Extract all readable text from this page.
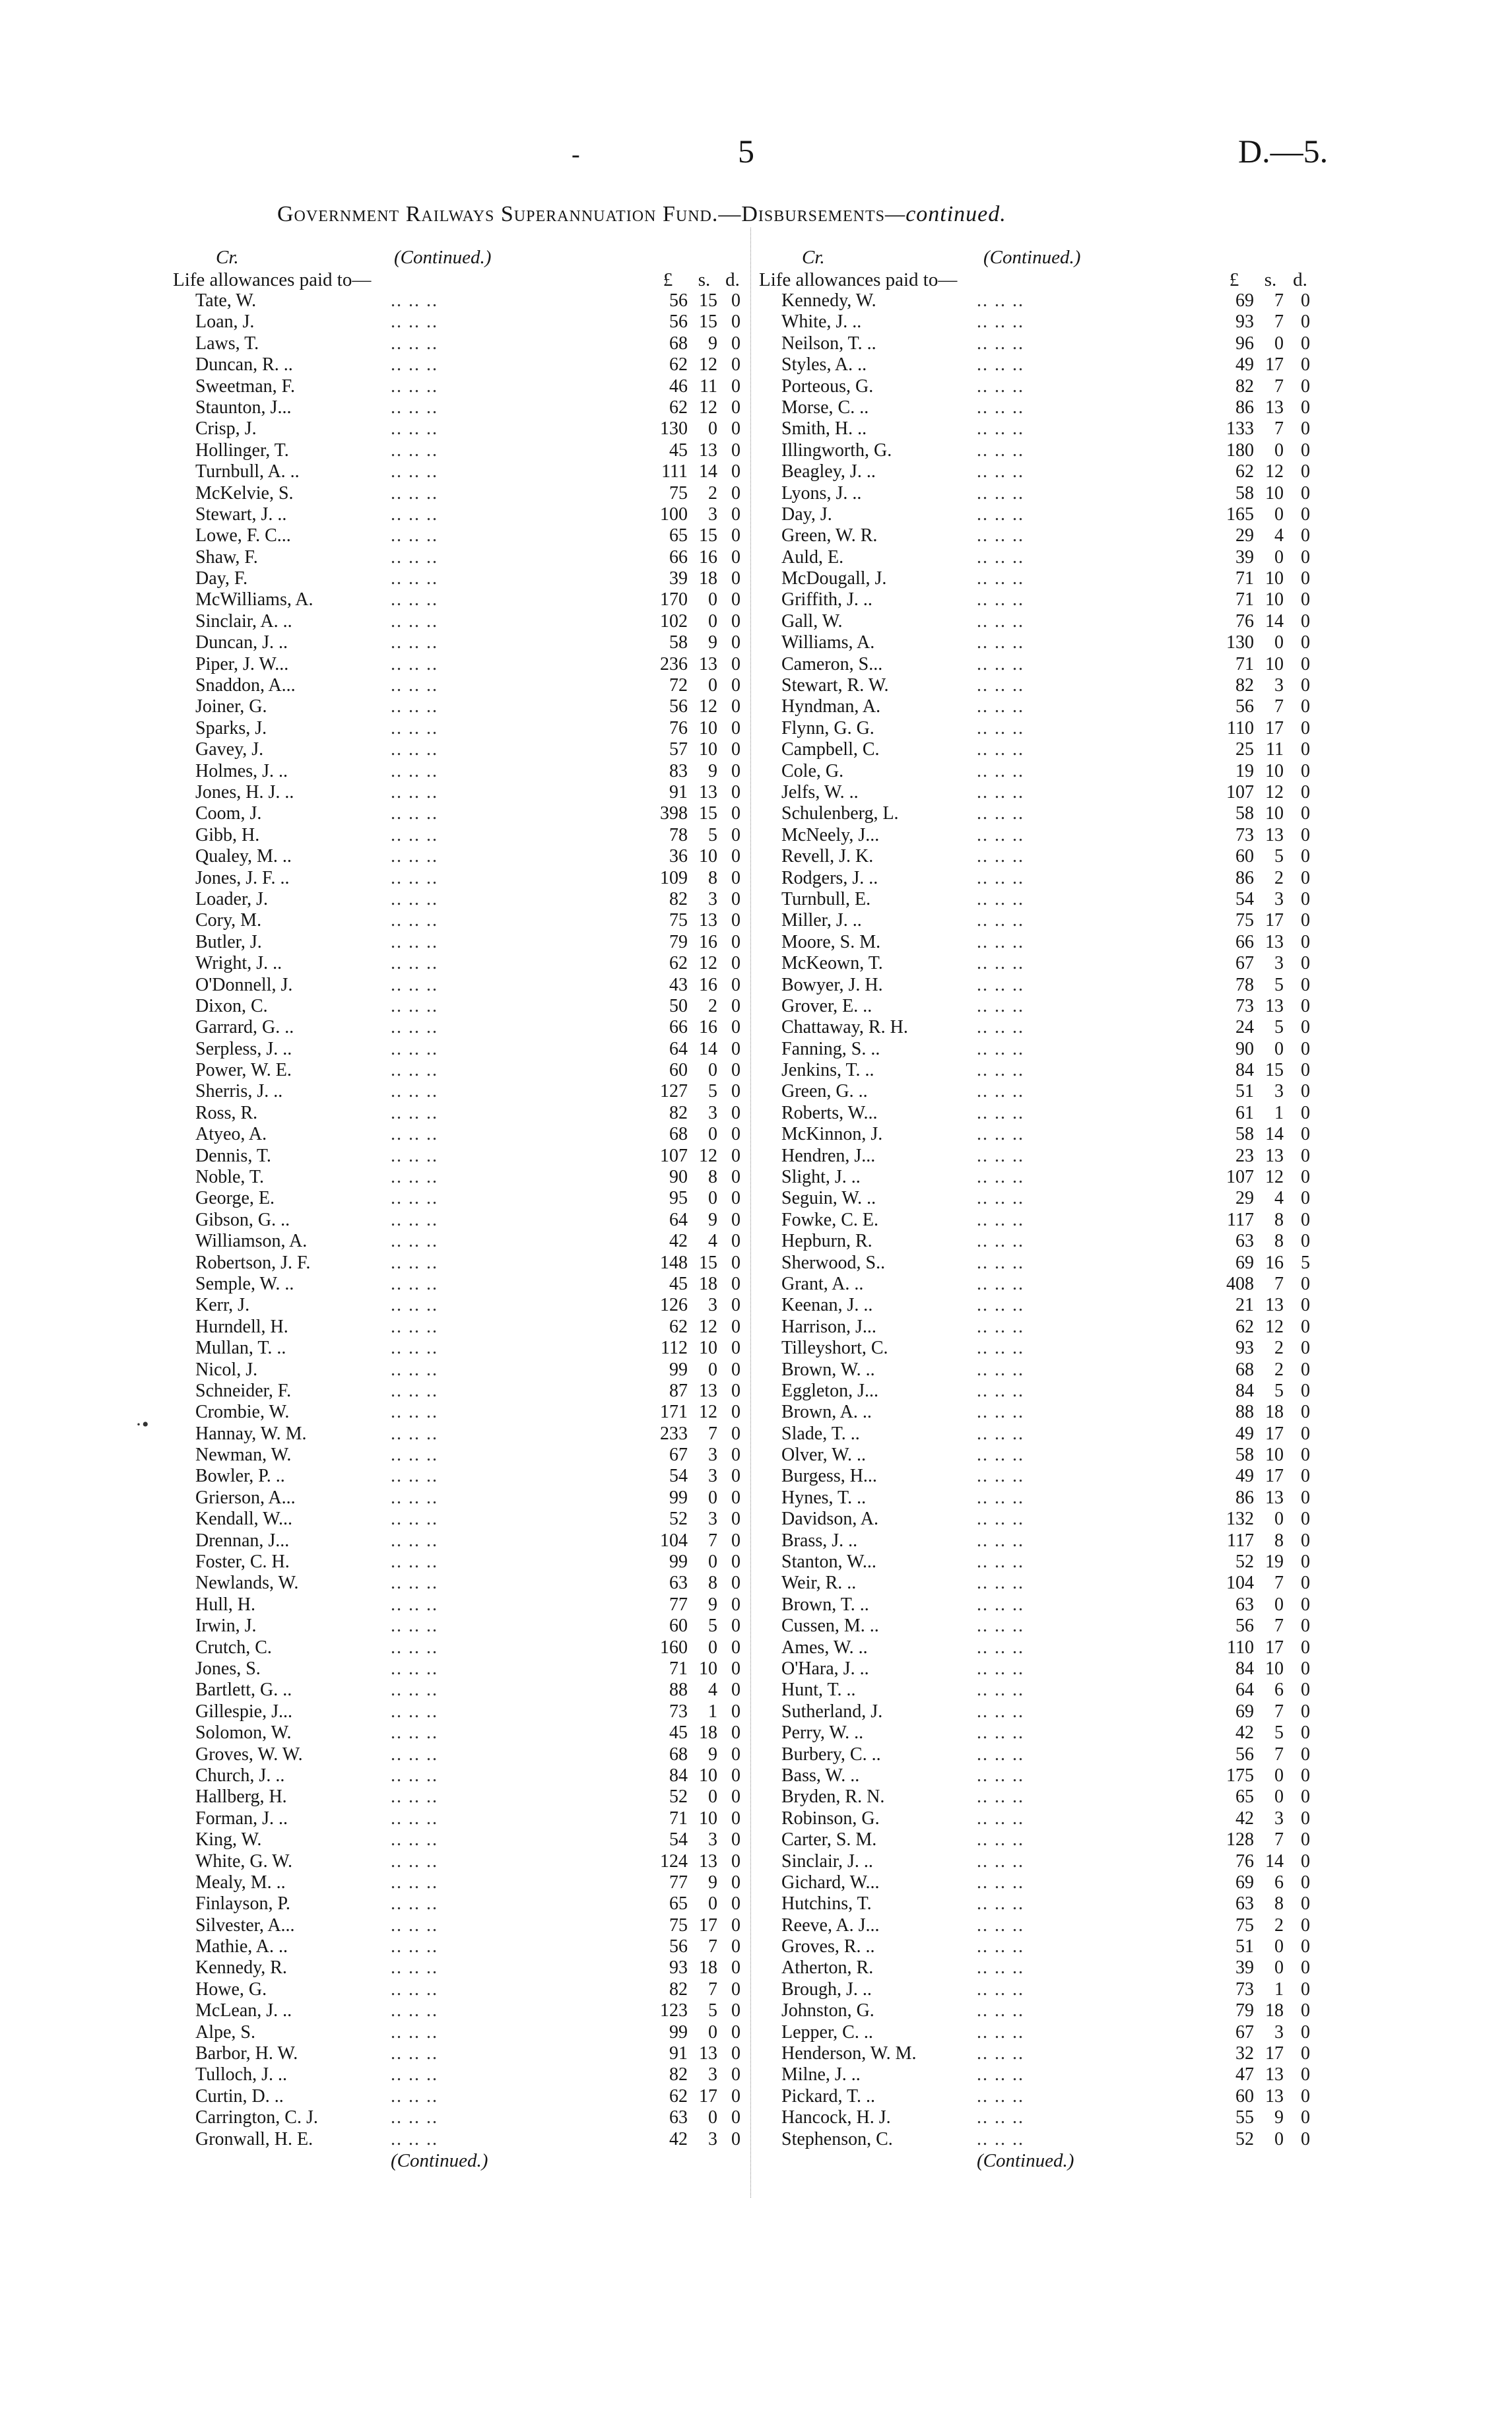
-	5	D.—5.
Government Railways Superannuation Fund.—Disbursements—continued.
·•
Cr.	(Continued.)
Life allowances paid to—	£	s. d.
Tate, W.	.. .. ..	56 15 0
Loan, J.	.. .. ..	56 15 0
Laws, T.	.. .. ..	68	9 0
Duncan, R. ..	.. .. ..	62 12 0
Sweetman, F.	.. .. ..	46 11 0
Staunton, J...	.. .. ..	62 12 0
Crisp, J.	.. .. ..	130	0 0
Hollinger, T.	.. .. ..	45 13 0
Turnbull, A. ..	.. .. ..	111 14 0
McKelvie, S.	.. .. ..	75	2 0
Stewart, J. ..	.. .. ..	100	3 0
Lowe, F. C...	.. .. ..	65 15 0
Shaw, F.	.. .. ..	66 16 0
Day, F.	.. .. ..	39 18 0
McWilliams, A.	.. .. ..	170	0 0
Sinclair, A. ..	.. .. ..	102	0 0
Duncan, J. ..	.. .. ..	58	9 0
Piper, J. W...	.. .. ..	236 13 0
Snaddon, A...	.. .. ..	72	0 0
Joiner, G.	.. .. ..	56 12 0
Sparks, J.	.. .. ..	76 10 0
Gavey, J.	.. .. ..	57 10 0
Holmes, J. ..	.. .. ..	83	9 0
Jones, H. J. ..	.. .. ..	91 13 0
Coom, J.	.. .. ..	398 15 0
Gibb, H.	.. .. ..	78	5 0
Qualey, M. ..	.. .. ..	36 10 0
Jones, J. F. ..	.. .. ..	109	8 0
Loader, J.	.. .. ..	82	3 0
Cory, M.	.. .. ..	75 13 0
Butler, J.	.. .. ..	79 16 0
Wright, J. ..	.. .. ..	62 12 0
O'Donnell, J.	.. .. ..	43 16 0
Dixon, C.	.. .. ..	50	2 0
Garrard, G. ..	.. .. ..	66 16 0
Serpless, J. ..	.. .. ..	64 14 0
Power, W. E.	.. .. ..	60	0 0
Sherris, J. ..	.. .. ..	127	5 0
Ross, R.	.. .. ..	82	3 0
Atyeo, A.	.. .. ..	68	0 0
Dennis, T.	.. .. ..	107 12 0
Noble, T.	.. .. ..	90	8 0
George, E.	.. .. ..	95	0 0
Gibson, G. ..	.. .. ..	64	9 0
Williamson, A.	.. .. ..	42	4 0
Robertson, J. F.	.. .. ..	148 15 0
Semple, W. ..	.. .. ..	45 18 0
Kerr, J.	.. .. ..	126	3 0
Hurndell, H.	.. .. ..	62 12 0
Mullan, T. ..	.. .. ..	112 10 0
Nicol, J.	.. .. ..	99	0 0
Schneider, F.	.. .. ..	87 13 0
Crombie, W.	.. .. ..	171 12 0
Hannay, W. M.	.. .. ..	233	7 0
Newman, W.	.. .. ..	67	3 0
Bowler, P. ..	.. .. ..	54	3 0
Grierson, A...	.. .. ..	99	0 0
Kendall, W...	.. .. ..	52	3 0
Drennan, J...	.. .. ..	104	7 0
Foster, C. H.	.. .. ..	99	0 0
Newlands, W.	.. .. ..	63	8 0
Hull, H.	.. .. ..	77	9 0
Irwin, J.	.. .. ..	60	5 0
Crutch, C.	.. .. ..	160	0 0
Jones, S.	.. .. ..	71 10 0
Bartlett, G. ..	.. .. ..	88	4 0
Gillespie, J...	.. .. ..	73	1 0
Solomon, W.	.. .. ..	45 18 0
Groves, W. W.	.. .. ..	68	9 0
Church, J. ..	.. .. ..	84 10 0
Hallberg, H.	.. .. ..	52	0 0
Forman, J. ..	.. .. ..	71 10 0
King, W.	.. .. ..	54	3 0
White, G. W.	.. .. ..	124 13 0
Mealy, M. ..	.. .. ..	77	9 0
Finlayson, P.	.. .. ..	65	0 0
Silvester, A...	.. .. ..	75 17 0
Mathie, A. ..	.. .. ..	56	7 0
Kennedy, R.	.. .. ..	93 18 0
Howe, G.	.. .. ..	82	7 0
McLean, J. ..	.. .. ..	123	5 0
Alpe, S.	.. .. ..	99	0 0
Barbor, H. W.	.. .. ..	91 13 0
Tulloch, J. ..	.. .. ..	82	3 0
Curtin, D. ..	.. .. ..	62 17 0
Carrington, C. J.	.. .. ..	63	0 0
Gronwall, H. E.	.. .. ..	42	3 0
(Continued.)
Cr.	(Continued.)
Life allowances paid to—	£	s. d.
Kennedy, W.	.. .. ..	69	7 0
White, J. ..	.. .. ..	93	7 0
Neilson, T. ..	.. .. ..	96	0 0
Styles, A. ..	.. .. ..	49 17 0
Porteous, G.	.. .. ..	82	7 0
Morse, C. ..	.. .. ..	86 13 0
Smith, H. ..	.. .. ..	133	7 0
Illingworth, G.	.. .. ..	180	0 0
Beagley, J. ..	.. .. ..	62 12 0
Lyons, J. ..	.. .. ..	58 10 0
Day, J.	.. .. ..	165	0 0
Green, W. R.	.. .. ..	29	4 0
Auld, E.	.. .. ..	39	0 0
McDougall, J.	.. .. ..	71 10 0
Griffith, J. ..	.. .. ..	71 10 0
Gall, W.	.. .. ..	76 14 0
Williams, A.	.. .. ..	130	0 0
Cameron, S...	.. .. ..	71 10 0
Stewart, R. W.	.. .. ..	82	3 0
Hyndman, A.	.. .. ..	56	7 0
Flynn, G. G.	.. .. ..	110 17 0
Campbell, C.	.. .. ..	25 11 0
Cole, G.	.. .. ..	19 10 0
Jelfs, W. ..	.. .. ..	107 12 0
Schulenberg, L.	.. .. ..	58 10 0
McNeely, J...	.. .. ..	73 13 0
Revell, J. K.	.. .. ..	60	5 0
Rodgers, J. ..	.. .. ..	86	2 0
Turnbull, E.	.. .. ..	54	3 0
Miller, J. ..	.. .. ..	75 17 0
Moore, S. M.	.. .. ..	66 13 0
McKeown, T.	.. .. ..	67	3 0
Bowyer, J. H.	.. .. ..	78	5 0
Grover, E. ..	.. .. ..	73 13 0
Chattaway, R. H.	.. .. ..	24	5 0
Fanning, S. ..	.. .. ..	90	0 0
Jenkins, T. ..	.. .. ..	84 15 0
Green, G. ..	.. .. ..	51	3 0
Roberts, W...	.. .. ..	61	1 0
McKinnon, J.	.. .. ..	58 14 0
Hendren, J...	.. .. ..	23 13 0
Slight, J. ..	.. .. ..	107 12 0
Seguin, W. ..	.. .. ..	29	4 0
Fowke, C. E.	.. .. ..	117	8 0
Hepburn, R.	.. .. ..	63	8 0
Sherwood, S..	.. .. ..	69 16 5
Grant, A. ..	.. .. ..	408	7 0
Keenan, J. ..	.. .. ..	21 13 0
Harrison, J...	.. .. ..	62 12 0
Tilleyshort, C.	.. .. ..	93	2 0
Brown, W. ..	.. .. ..	68	2 0
Eggleton, J...	.. .. ..	84	5 0
Brown, A. ..	.. .. ..	88 18 0
Slade, T. ..	.. .. ..	49 17 0
Olver, W. ..	.. .. ..	58 10 0
Burgess, H...	.. .. ..	49 17 0
Hynes, T. ..	.. .. ..	86 13 0
Davidson, A.	.. .. ..	132	0 0
Brass, J. ..	.. .. ..	117	8 0
Stanton, W...	.. .. ..	52 19 0
Weir, R. ..	.. .. ..	104	7 0
Brown, T. ..	.. .. ..	63	0 0
Cussen, M. ..	.. .. ..	56	7 0
Ames, W. ..	.. .. ..	110 17 0
O'Hara, J. ..	.. .. ..	84 10 0
Hunt, T. ..	.. .. ..	64	6 0
Sutherland, J.	.. .. ..	69	7 0
Perry, W. ..	.. .. ..	42	5 0
Burbery, C. ..	.. .. ..	56	7 0
Bass, W. ..	.. .. ..	175	0 0
Bryden, R. N.	.. .. ..	65	0 0
Robinson, G.	.. .. ..	42	3 0
Carter, S. M.	.. .. ..	128	7 0
Sinclair, J. ..	.. .. ..	76 14 0
Gichard, W...	.. .. ..	69	6 0
Hutchins, T.	.. .. ..	63	8 0
Reeve, A. J...	.. .. ..	75	2 0
Groves, R. ..	.. .. ..	51	0 0
Atherton, R.	.. .. ..	39	0 0
Brough, J. ..	.. .. ..	73	1 0
Johnston, G.	.. .. ..	79 18 0
Lepper, C. ..	.. .. ..	67	3 0
Henderson, W. M.	.. .. ..	32 17 0
Milne, J. ..	.. .. ..	47 13 0
Pickard, T. ..	.. .. ..	60 13 0
Hancock, H. J.	.. .. ..	55	9 0
Stephenson, C.	.. .. ..	52	0 0
(Continued.)
